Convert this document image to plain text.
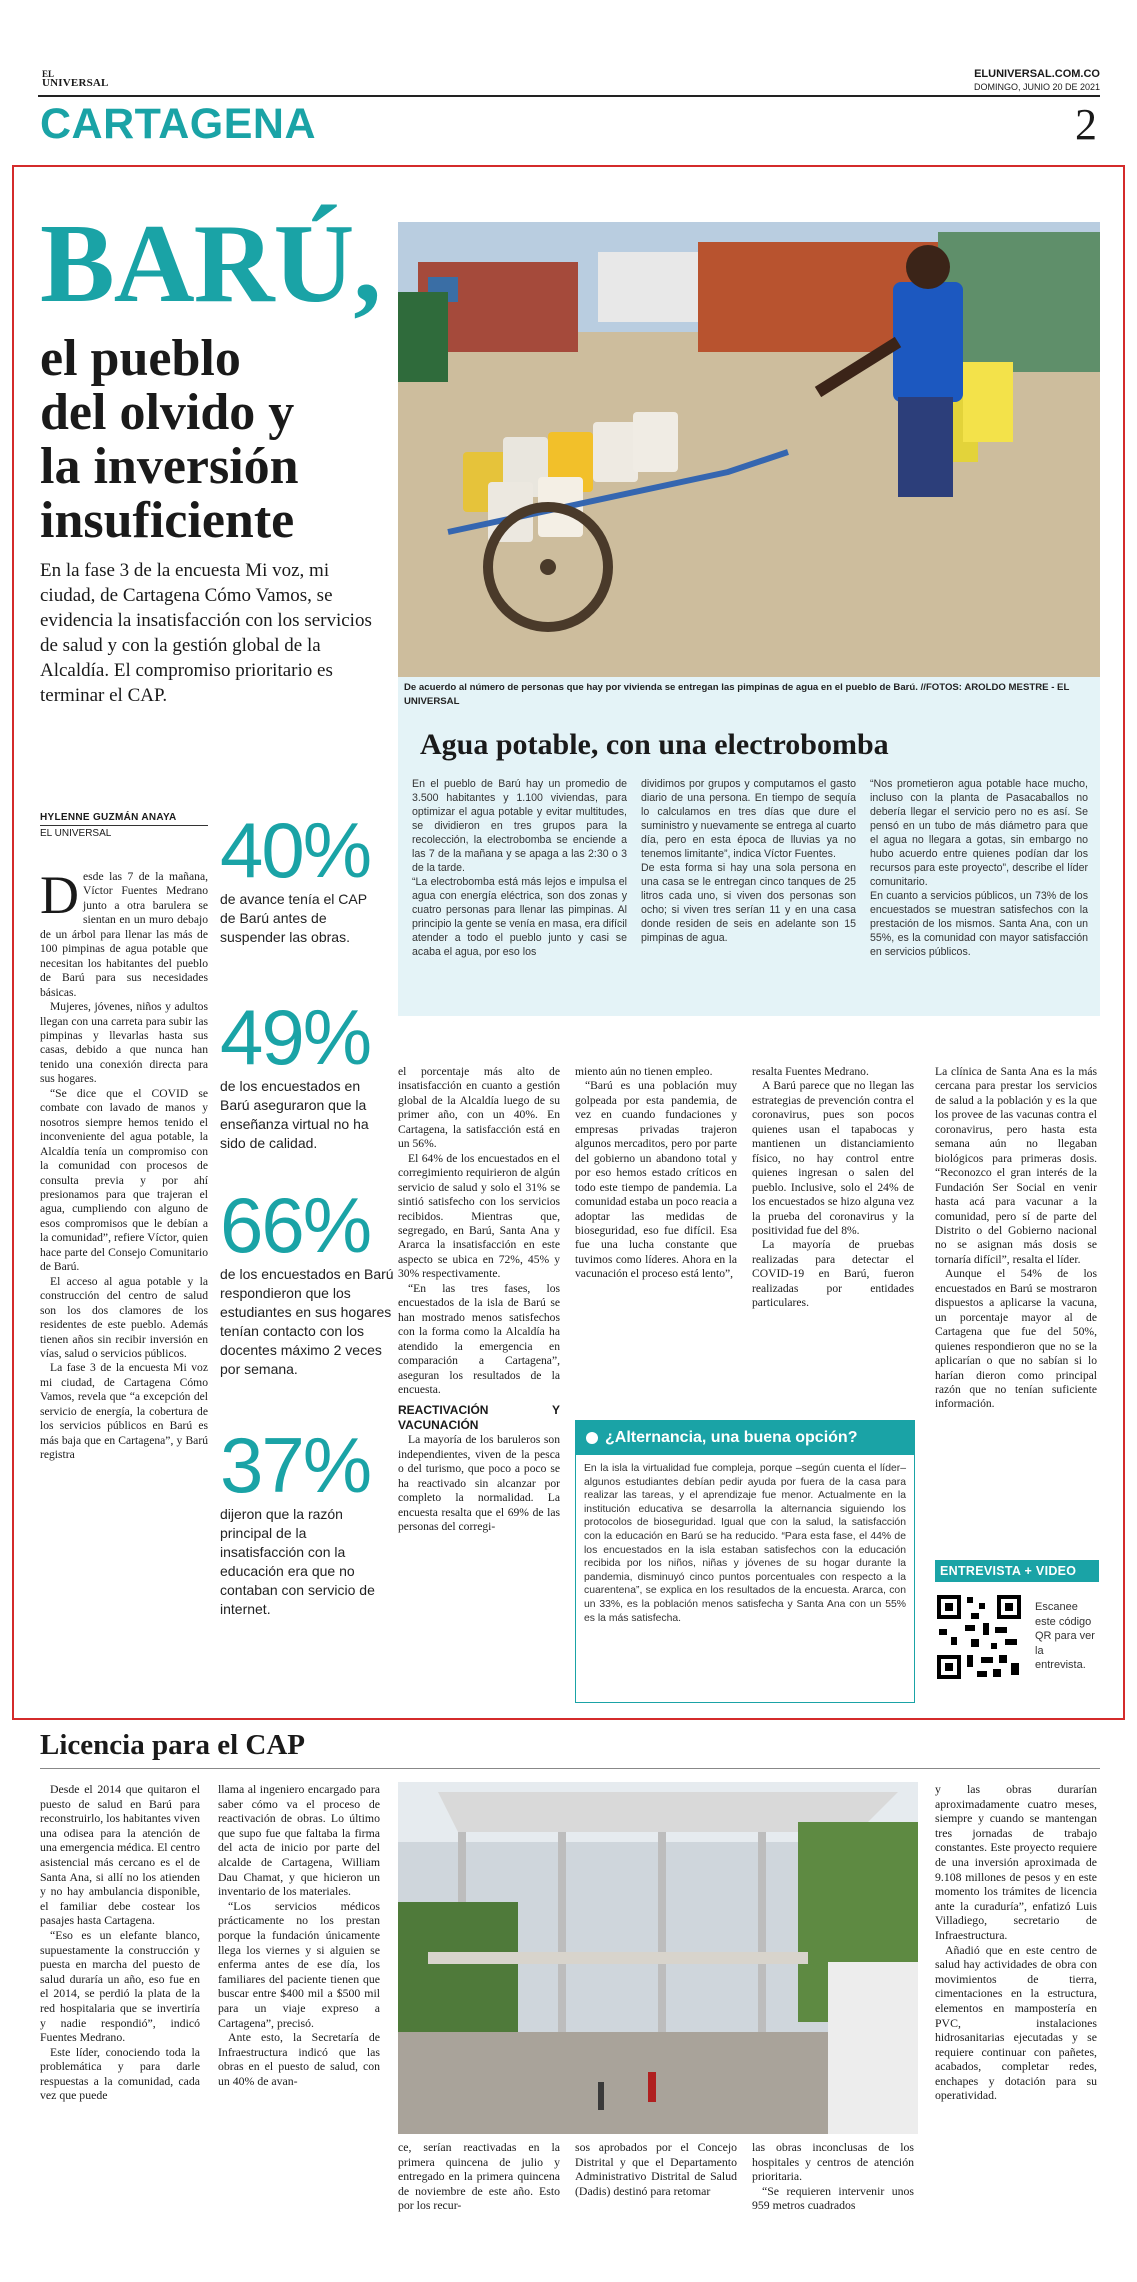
EL
UNIVERSAL
ELUNIVERSAL.COM.CO
DOMINGO, JUNIO 20 DE 2021
CARTAGENA	2
BARÚ,
el pueblo
del olvido y
la inversión
insuficiente
En la fase 3 de la encuesta Mi voz, mi ciudad, de Cartagena Cómo Vamos, se evidencia la insatisfacción con los servicios de salud y con la gestión global de la Alcaldía. El compromiso prioritario es terminar el CAP.	De acuerdo al número de personas que hay por vivienda se entregan las pimpinas de agua en el pueblo de Barú. //FOTOS: AROLDO MESTRE - EL UNIVERSAL
Agua potable, con una electrobomba
En el pueblo de Barú hay un promedio de 3.500 habitantes y 1.100 viviendas, para optimizar el agua potable y evitar multitudes, se dividieron en tres grupos para la recolección, la electrobomba se enciende a las 7 de la mañana y se apaga a las 2:30 o 3 de la tarde.
“La electrobomba está más lejos e impulsa el agua con energía eléctrica, son dos zonas y cuatro personas para llenar las pimpinas. Al principio la gente se venía en masa, era difícil atender a todo el pueblo junto y casi se acaba el agua, por eso los
dividimos por grupos y computamos el gasto diario de una persona. En tiempo de sequía lo calculamos en tres días que dure el suministro y nuevamente se entrega al cuarto día, pero en esta época de lluvias ya no tenemos limitante”, indica Víctor Fuentes.
De esta forma si hay una sola persona en una casa se le entregan cinco tanques de 25 litros cada uno, si viven dos personas son ocho; si viven tres serían 11 y en una casa donde residen de seis en adelante son 15 pimpinas de agua.
“Nos prometieron agua potable hace mucho, incluso con la planta de Pasacaballos no debería llegar el servicio pero no es así. Se pensó en un tubo de más diámetro para que el agua no llegara a gotas, sin embargo no hubo acuerdo entre quienes podían dar los recursos para este proyecto”, describe el líder comunitario.
En cuanto a servicios públicos, un 73% de los encuestados se muestran satisfechos con la prestación de los mismos. Santa Ana, con un 55%, es la comunidad con mayor satisfacción en servicios públicos.
HYLENNE GUZMÁN ANAYA
EL UNIVERSAL

Desde las 7 de la mañana, Víctor Fuentes Medrano junto a otra barulera se sientan en un muro debajo de un árbol para llenar las más de 100 pimpinas de agua potable que necesitan los habitantes del pueblo de Barú para sus necesidades básicas.

Mujeres, jóvenes, niños y adultos llegan con una carreta para subir las pimpinas y llevarlas hasta sus casas, debido a que nunca han tenido una conexión directa para sus hogares.

“Se dice que el COVID se combate con lavado de manos y nosotros siempre hemos tenido el inconveniente del agua potable, la Alcaldía tenía un compromiso con la comunidad con procesos de consulta previa y por ahí presionamos para que trajeran el agua, cumpliendo con alguno de esos compromisos que le debían a la comunidad”, refiere Víctor, quien hace parte del Consejo Comunitario de Barú.

El acceso al agua potable y la construcción del centro de salud son los dos clamores de los residentes de este pueblo. Además tienen años sin recibir inversión en vías, salud o servicios públicos.

La fase 3 de la encuesta Mi voz mi ciudad, de Cartagena Cómo Vamos, revela que “a excepción del servicio de energía, la cobertura de los servicios públicos en Barú es más baja que en Cartagena”, y Barú registra

40%
de avance tenía el CAP de Barú antes de suspender las obras.
49%
de los encuestados en Barú aseguraron que la enseñanza virtual no ha sido de calidad.
66%
de los encuestados en Barú respondieron que los estudiantes en sus hogares tenían contacto con los docentes máximo 2 veces por semana.
37%
dijeron que la razón principal de la insatisfacción con la educación era que no contaban con servicio de internet.

el porcentaje más alto de insatisfacción en cuanto a gestión global de la Alcaldía luego de su primer año, con un 40%. En Cartagena, la satisfacción está en un 56%.

El 64% de los encuestados en el corregimiento requirieron de algún servicio de salud y solo el 31% se sintió satisfecho con los servicios recibidos. Mientras que, segregado, en Barú, Santa Ana y Ararca la insatisfacción en este aspecto se ubica en 72%, 45% y 30% respectivamente.

“En las tres fases, los encuestados de la isla de Barú se han mostrado menos satisfechos con la forma como la Alcaldía ha atendido la emergencia en comparación a Cartagena”, aseguran los resultados de la encuesta.

REACTIVACIÓN Y VACUNACIÓN

La mayoría de los baruleros son independientes, viven de la pesca o del turismo, que poco a poco se ha reactivado sin alcanzar por completo la normalidad. La encuesta resalta que el 69% de las personas del corregi-

miento aún no tienen empleo.

“Barú es una población muy golpeada por esta pandemia, de vez en cuando fundaciones y empresas privadas trajeron algunos mercaditos, pero por parte del gobierno un abandono total y por eso hemos estado críticos en todo este tiempo de pandemia. La comunidad estaba un poco reacia a adoptar las medidas de bioseguridad, eso fue difícil. Esa fue una lucha constante que tuvimos como líderes. Ahora en la vacunación el proceso está lento”,

resalta Fuentes Medrano.

A Barú parece que no llegan las estrategias de prevención contra el coronavirus, pues son pocos quienes usan el tapabocas y mantienen un distanciamiento físico, no hay control entre quienes ingresan o salen del pueblo. Inclusive, solo el 24% de los encuestados se hizo alguna vez la prueba del coronavirus y la positividad fue del 8%.

La mayoría de pruebas realizadas para detectar el COVID-19 en Barú, fueron realizadas por entidades particulares.

La clínica de Santa Ana es la más cercana para prestar los servicios de salud a la población y es la que los provee de las vacunas contra el coronavirus, pero hasta esta semana aún no llegaban biológicos para primeras dosis. “Reconozco el gran interés de la Fundación Ser Social en venir hasta acá para vacunar a la comunidad, pero sí de parte del Distrito o del Gobierno nacional no se asignan más dosis se tornaría difícil”, resalta el líder.

Aunque el 54% de los encuestados en Barú se mostraron dispuestos a aplicarse la vacuna, un porcentaje mayor al de Cartagena que fue del 50%, quienes respondieron que no se la aplicarían o que no sabían si lo harían dieron como principal razón que no tenían suficiente información.

¿Alternancia, una buena opción?
En la isla la virtualidad fue compleja, porque –según cuenta el líder– algunos estudiantes debían pedir ayuda por fuera de la casa para realizar las tareas, y el aprendizaje fue menor. Actualmente en la institución educativa se desarrolla la alternancia siguiendo los protocolos de bioseguridad. Igual que con la salud, la satisfacción con la educación en Barú se ha reducido. “Para esta fase, el 44% de los encuestados en la isla estaban satisfechos con la educación recibida por los niños, niñas y jóvenes de su hogar durante la pandemia, disminuyó cinco puntos porcentuales con respecto a la cuarentena”, se explica en los resultados de la encuesta. Ararca, con un 33%, es la población menos satisfecha y Santa Ana con un 55% es la más satisfecha.
ENTREVISTA + VIDEO
Escanee este código QR para ver la entrevista.
Licencia para el CAP

Desde el 2014 que quitaron el puesto de salud en Barú para reconstruirlo, los habitantes viven una odisea para la atención de una emergencia médica. El centro asistencial más cercano es el de Santa Ana, si allí no los atienden y no hay ambulancia disponible, el familiar debe costear los pasajes hasta Cartagena.

“Eso es un elefante blanco, supuestamente la construcción y puesta en marcha del puesto de salud duraría un año, eso fue en el 2014, se perdió la plata de la red hospitalaria que se invertiría y nadie respondió”, indicó Fuentes Medrano.

Este líder, conociendo toda la problemática y para darle respuestas a la comunidad, cada vez que puede

llama al ingeniero encargado para saber cómo va el proceso de reactivación de obras. Lo último que supo fue que faltaba la firma del acta de inicio por parte del alcalde de Cartagena, William Dau Chamat, y que hicieron un inventario de los materiales.

“Los servicios médicos prácticamente no los prestan porque la fundación únicamente llega los viernes y si alguien se enferma antes de ese día, los familiares del paciente tienen que buscar entre $400 mil a $500 mil para un viaje expreso a Cartagena”, precisó.

Ante esto, la Secretaría de Infraestructura indicó que las obras en el puesto de salud, con un 40% de avan-

ce, serían reactivadas en la primera quincena de julio y entregado en la primera quincena de noviembre de este año. Esto por los recur-

sos aprobados por el Concejo Distrital y que el Departamento Administrativo Distrital de Salud (Dadis) destinó para retomar

las obras inconclusas de los hospitales y centros de atención prioritaria.

“Se requieren intervenir unos 959 metros cuadrados

y las obras durarían aproximadamente cuatro meses, siempre y cuando se mantengan tres jornadas de trabajo constantes. Este proyecto requiere de una inversión aproximada de 9.108 millones de pesos y en este momento los trámites de licencia ante la curaduría”, enfatizó Luis Villadiego, secretario de Infraestructura.

Añadió que en este centro de salud hay actividades de obra con movimientos de tierra, cimentaciones en la estructura, elementos en mampostería en PVC, instalaciones hidrosanitarias ejecutadas y se requiere continuar con pañetes, acabados, completar redes, enchapes y dotación para su operatividad.
